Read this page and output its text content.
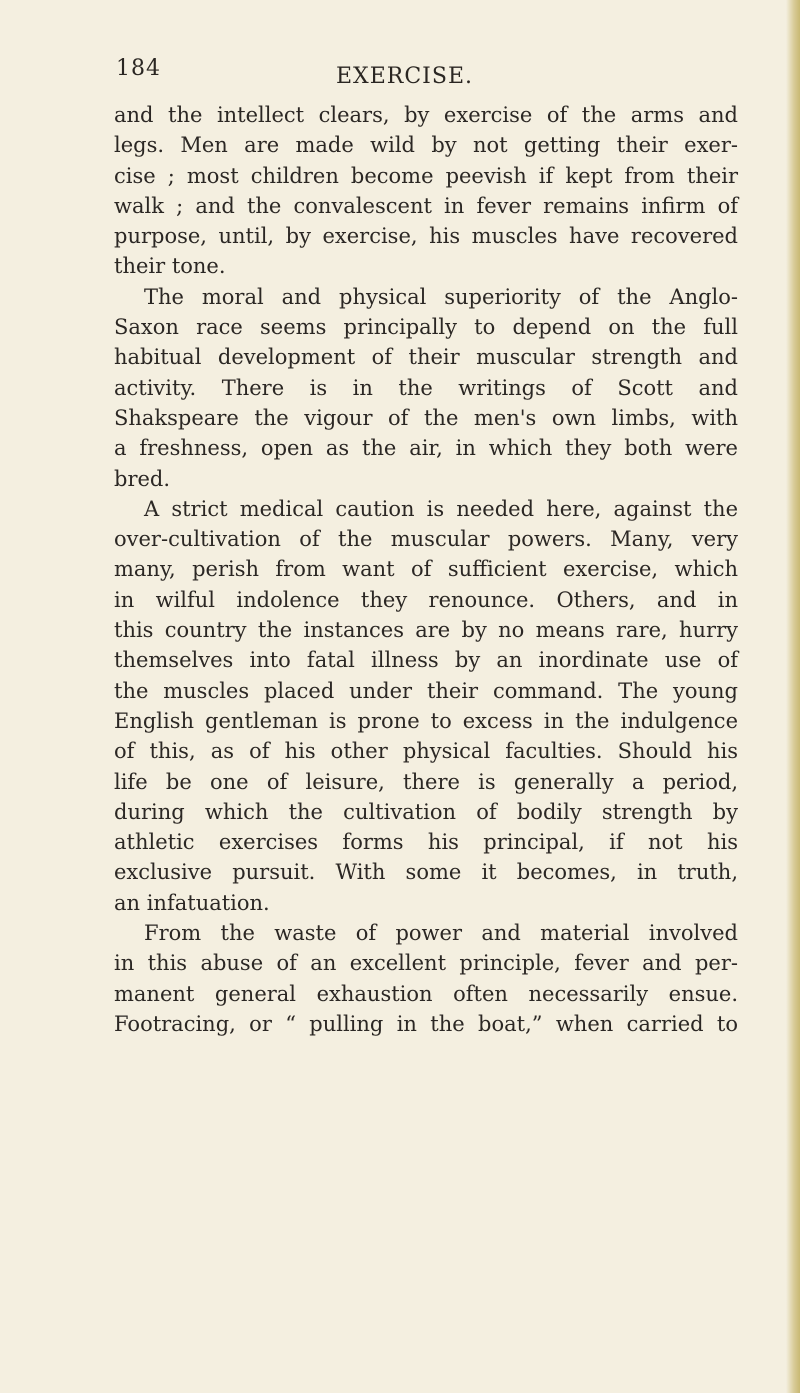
184	EXERCISE.

and the intellect clears, by exercise of the arms and
legs. Men are made wild by not getting their exer-
cise ; most children become peevish if kept from their
walk ; and the convalescent in fever remains infirm of
purpose, until, by exercise, his muscles have recovered
their tone.

The moral and physical superiority of the Anglo-
Saxon race seems principally to depend on the full
habitual development of their muscular strength and
activity. There is in the writings of Scott and
Shakspeare the vigour of the men's own limbs, with
a freshness, open as the air, in which they both were
bred.

A strict medical caution is needed here, against the
over-cultivation of the muscular powers. Many, very
many, perish from want of sufficient exercise, which
in wilful indolence they renounce. Others, and in
this country the instances are by no means rare, hurry
themselves into fatal illness by an inordinate use of
the muscles placed under their command. The young
English gentleman is prone to excess in the indulgence
of this, as of his other physical faculties. Should his
life be one of leisure, there is generally a period,
during which the cultivation of bodily strength by
athletic exercises forms his principal, if not his
exclusive pursuit. With some it becomes, in truth,
an infatuation.

From the waste of power and material involved
in this abuse of an excellent principle, fever and per-
manent general exhaustion often necessarily ensue.
Footracing, or “ pulling in the boat,” when carried to
